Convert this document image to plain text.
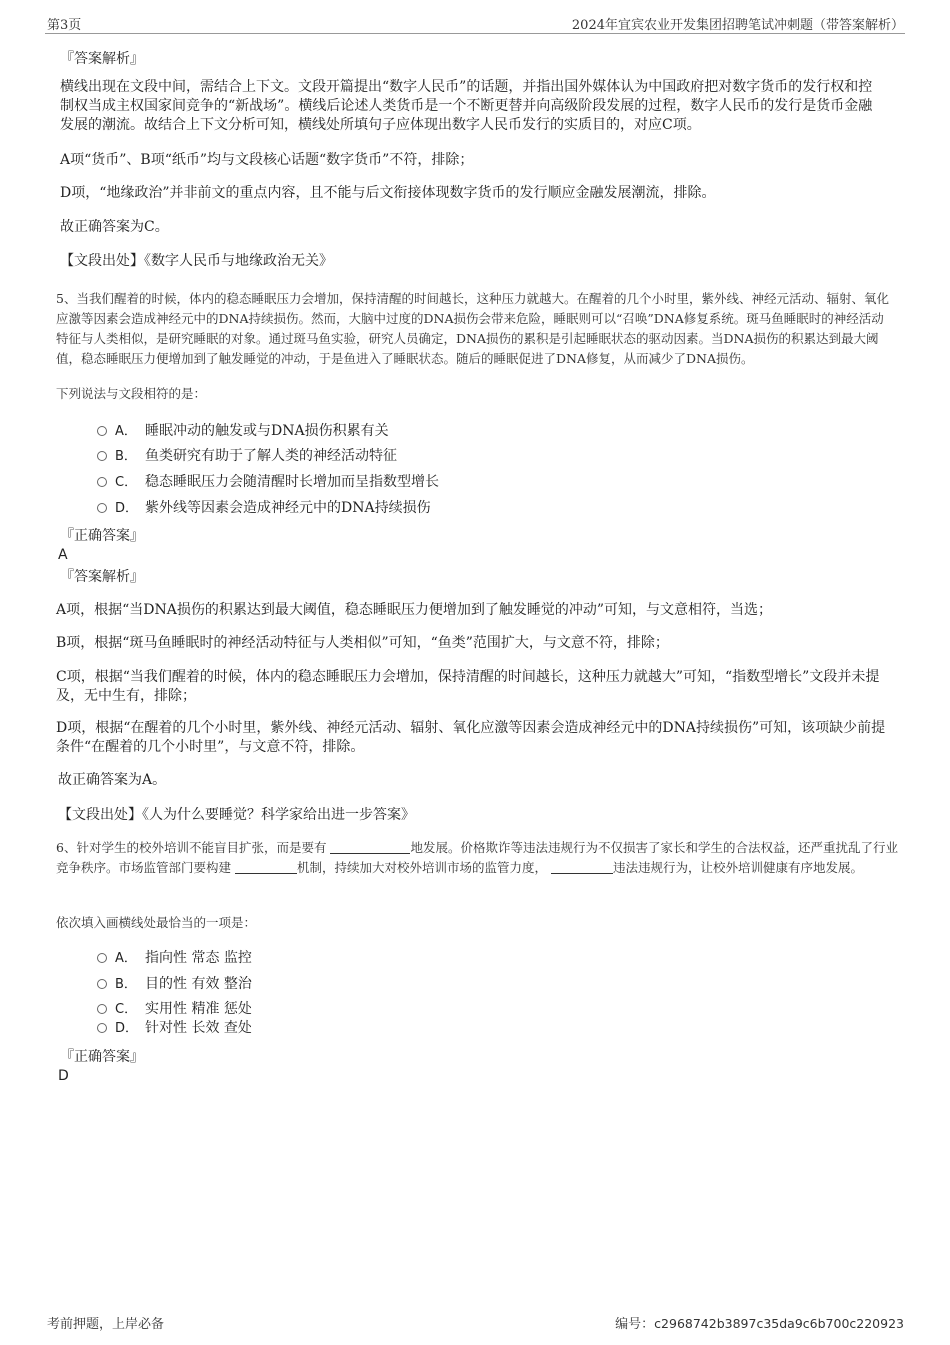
第3页	2024年宜宾农业开发集团招聘笔试冲刺题（带答案解析）
『答案解析』
横线出现在文段中间，需结合上下文。文段开篇提出“数字人民币”的话题，并指出国外媒体认为中国政府把对数字货币的发行权和控制权当成主权国家间竞争的“新战场”。横线后论述人类货币是一个不断更替并向高级阶段发展的过程，数字人民币的发行是货币金融发展的潮流。故结合上下文分析可知，横线处所填句子应体现出数字人民币发行的实质目的，对应C项。
A项“货币”、B项“纸币”均与文段核心话题“数字货币”不符，排除；
D项，“地缘政治”并非前文的重点内容，且不能与后文衔接体现数字货币的发行顺应金融发展潮流，排除。
故正确答案为C。
【文段出处】《数字人民币与地缘政治无关》
5、当我们醒着的时候，体内的稳态睡眠压力会增加，保持清醒的时间越长，这种压力就越大。在醒着的几个小时里，紫外线、神经元活动、辐射、氧化应激等因素会造成神经元中的DNA持续损伤。然而，大脑中过度的DNA损伤会带来危险，睡眠则可以“召唤”DNA修复系统。斑马鱼睡眠时的神经活动特征与人类相似，是研究睡眠的对象。通过斑马鱼实验，研究人员确定，DNA损伤的累积是引起睡眠状态的驱动因素。当DNA损伤的积累达到最大阈值，稳态睡眠压力便增加到了触发睡觉的冲动，于是鱼进入了睡眠状态。随后的睡眠促进了DNA修复，从而减少了DNA损伤。
下列说法与文段相符的是：
A． 睡眠冲动的触发或与DNA损伤积累有关
B． 鱼类研究有助于了解人类的神经活动特征
C． 稳态睡眠压力会随清醒时长增加而呈指数型增长
D． 紫外线等因素会造成神经元中的DNA持续损伤
『正确答案』
A
『答案解析』
A项，根据“当DNA损伤的积累达到最大阈值，稳态睡眠压力便增加到了触发睡觉的冲动”可知，与文意相符，当选；
B项，根据“斑马鱼睡眠时的神经活动特征与人类相似”可知，“鱼类”范围扩大，与文意不符，排除；
C项，根据“当我们醒着的时候，体内的稳态睡眠压力会增加，保持清醒的时间越长，这种压力就越大”可知，“指数型增长”文段并未提及，无中生有，排除；
D项，根据“在醒着的几个小时里，紫外线、神经元活动、辐射、氧化应激等因素会造成神经元中的DNA持续损伤”可知，该项缺少前提条件“在醒着的几个小时里”，与文意不符，排除。
故正确答案为A。
【文段出处】《人为什么要睡觉？科学家给出进一步答案》
6、针对学生的校外培训不能盲目扩张，而是要有	地发展。价格欺诈等违法违规行为不仅损害了家长和学生的合法权益，还严重扰乱了行业竞争秩序。市场监管部门要构建	机制，持续加大对校外培训市场的监管力度，	违法违规行为，让校外培训健康有序地发展。
依次填入画横线处最恰当的一项是：
A． 指向性 常态 监控
B． 目的性 有效 整治
C． 实用性 精准 惩处
D． 针对性 长效 查处
『正确答案』
D
考前押题，上岸必备	编号：c2968742b3897c35da9c6b700c220923
